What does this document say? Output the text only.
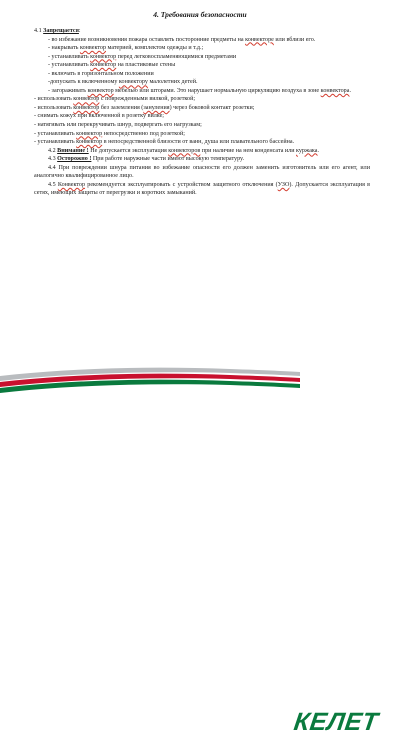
4. Требования безопасности

4.1 Запрещается:

- во избежание возникновения пожара оставлять посторонние предметы на конвекторе или вблизи его.

- накрывать конвектор материей, комплектом одежды и т.д.;

- устанавливать конвектор перед легковоспламеняющимися предметами

- устанавливать конвектор на пластиковые стены

- включать в горизонтальном положении

-допускать к включенному конвектору малолетних детей.

- загораживать конвектор мебелью или шторами. Это нарушает нормальную циркуляцию воздуха в зоне конвектора.

- использовать конвектор с поврежденными вилкой, розеткой;

- использовать конвектор без заземления (зануления) через боковой контакт розетки;

- снимать кожух при включенной в розетку вилке;

- натягивать или перекручивать шнур, подвергать его нагрузкам;

- устанавливать конвектор непосредственно под розеткой;

- устанавливать конвектор в непосредственной близости от ванн, душа или плавательного бассейна.

4.2 Внимание ! Не допускается эксплуатация конвекторов при наличие на нем конденсата или куржака.

4.3 Осторожно ! При работе наружные части имеют высокую температуру.

4.4 При повреждении шнура питания во избежание опасности его должен заменить изготовитель или его агент, или аналогично квалифицированное лицо.

4.5 Конвектор рекомендуется эксплуатировать с устройством защитного отключения (УЗО). Допускается эксплуатация в сетях, имеющих защиты от перегрузки и коротких замыканий.

КЕЛЕТ
